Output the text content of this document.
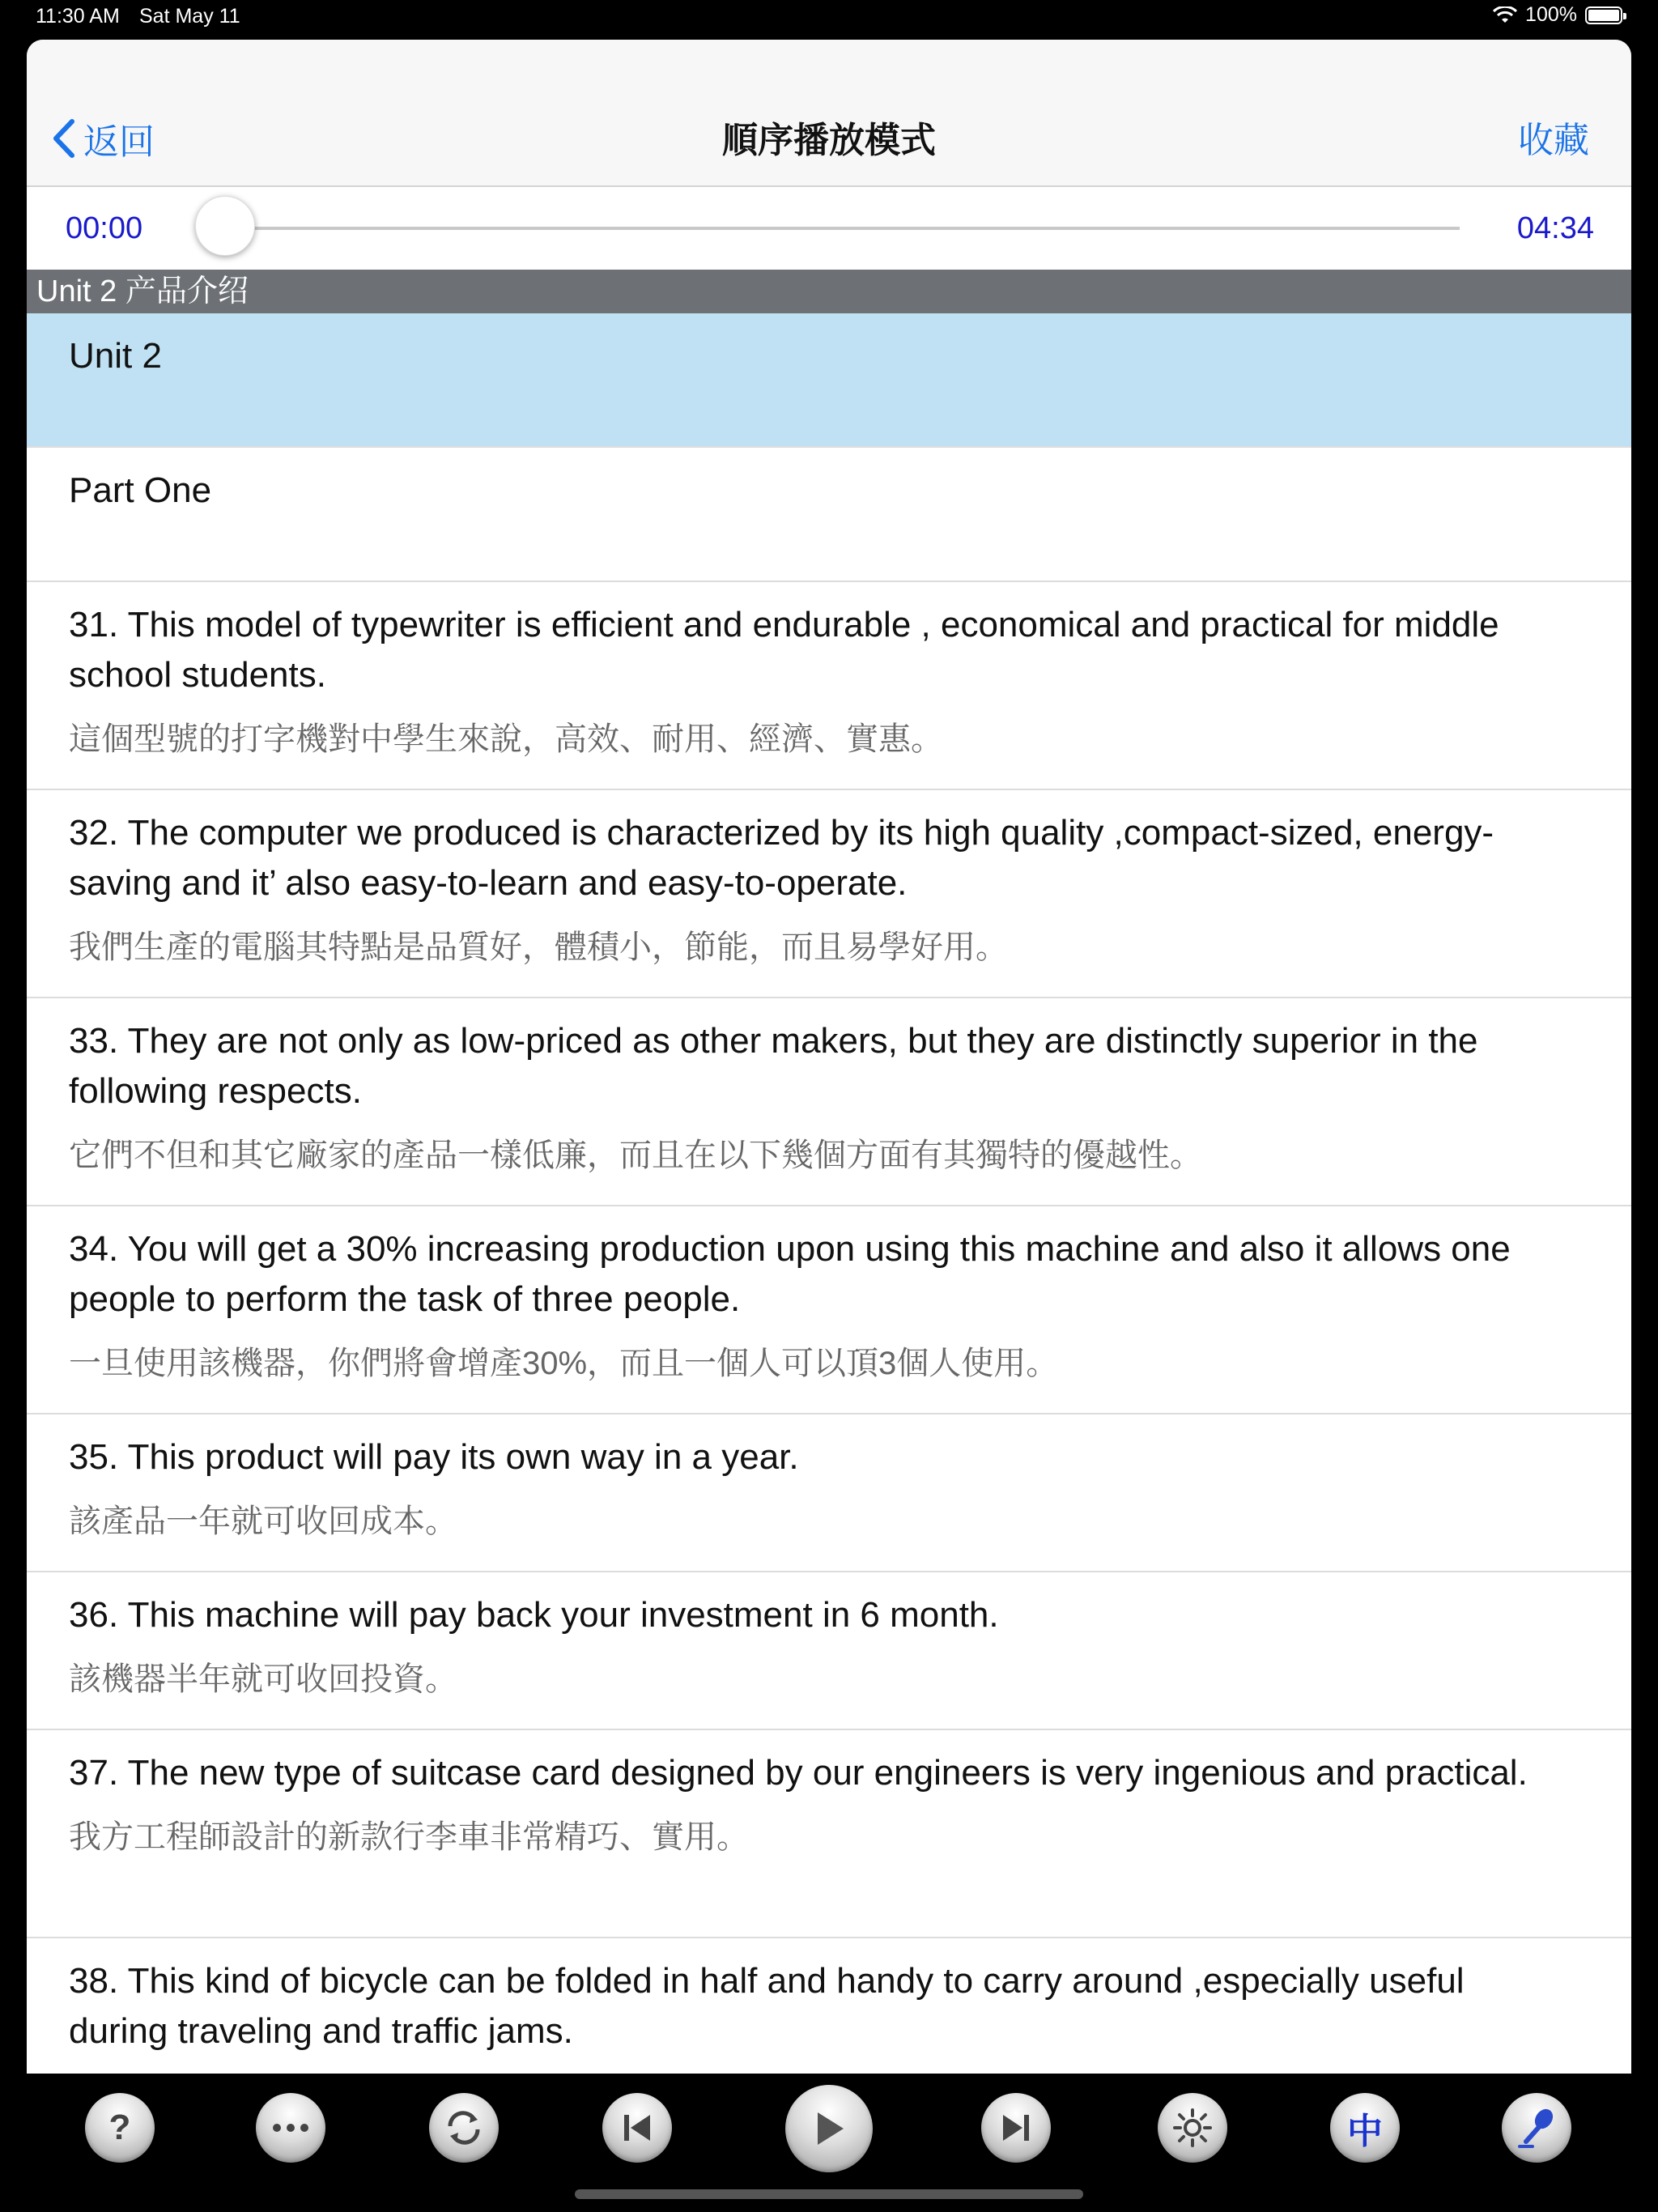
11:30 AM Sat May 11	100%
返回	順序播放模式	收藏
00:00	04:34
Unit 2 产品介绍
Unit 2
Part One
31. This model of typewriter is efficient and endurable , economical and practical for middle school students.
這個型號的打字機對中學生來說，高效、耐用、經濟、實惠。
32. The computer we produced is characterized by its high quality ,compact-sized, energy-saving and it’ also easy-to-learn and easy-to-operate.
我們生產的電腦其特點是品質好，體積小，節能，而且易學好用。
33. They are not only as low-priced as other makers, but they are distinctly superior in the following respects.
它們不但和其它廠家的產品一樣低廉，而且在以下幾個方面有其獨特的優越性。
34. You will get a 30% increasing production upon using this machine and also it allows one people to perform the task of three people.
一旦使用該機器，你們將會增產30%，而且一個人可以頂3個人使用。
35. This product will pay its own way in a year.
該產品一年就可收回成本。
36. This machine will pay back your investment in 6 month.
該機器半年就可收回投資。
37. The new type of suitcase card designed by our engineers is very ingenious and practical.
我方工程師設計的新款行李車非常精巧、實用。
38. This kind of bicycle can be folded in half and handy to carry around ,especially useful during traveling and traffic jams.
?	中
